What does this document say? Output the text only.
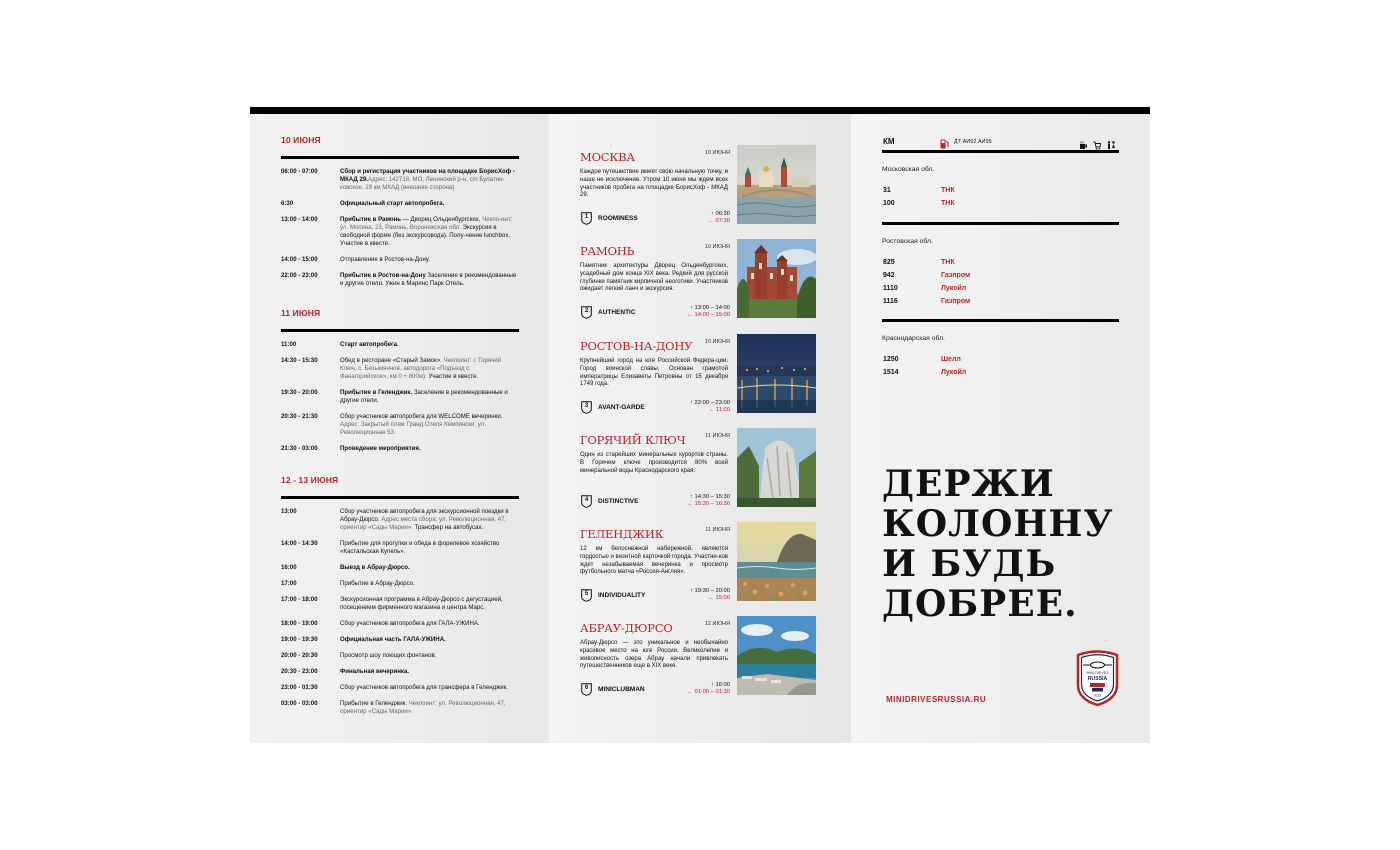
10 ИЮНЯ
06:00 - 07:00	Сбор и регистрация участников на площадке БорисХоф - МКАД 29.Адрес: 142718, МО, Ленинский р-н, с/п Булатни-ковское, 29 км МКАД (внешняя сторона)
6:30	Официальный старт автопробега.
13:00 - 14:00	Прибытие в Рамонь — Дворец Ольденбургских. Чекпо-инт: ул. Мосина, 23, Рамонь, Воронежская обл. Экскурсия в свободной форме (без экскурсовода). Полу-чение lunchbox. Участие в квесте.
14:00 - 15:00	Отправление в Ростов-на-Дону.
22:00 - 23:00	Прибытие в Ростов-на-Дону Заселение в рекомендованные и другие отели. Ужин в Маринс Парк Отель.
11 ИЮНЯ
11:00	Старт автопробега.
14:30 - 15:30	Обед в ресторане «Старый Замок». Чекпоинт: г. Горячий Ключ, с. Безымянное, автодорога «Подъезд с. Фанагорийское», км 0 + 800м). Участие в квесте.
19:30 - 20:00	Прибытие в Геленджик. Заселение в рекомендованные и другие отели.
20:30 - 21:30	Сбор участников автопробега для WELCOME вечеринки. Адрес: Закрытый пляж Гранд Отеля Кемпински, ул. Революционная 53.
21:30 - 03:00	Проведение мероприятия.
12 - 13 ИЮНЯ
13:00	Сбор участников автопробега для экскурсионной поездки в Абрау-Дюрсо. Адрес места сбора: ул. Революционная, 47, ориентир «Сады Марии». Трансфер на автобусах.
14:00 - 14:30	Прибытие для прогулки и обеда в форелевое хозяйство «Кастальская Купель».
16:00	Выезд в Абрау-Дюрсо.
17:00	Прибытие в Абрау-Дюрсо.
17:00 - 18:00	Экскурсионная программа в Абрау-Дюрсо с дегустацией, посещением фирменного магазина и центра Марс.
18:00 - 19:00	Сбор участников автопробега для ГАЛА-УЖИНА.
19:00 - 19:30	Официальная часть ГАЛА-УЖИНА.
20:00 - 20:30	Просмотр шоу поющих фонтанов.
20:30 - 23:00	Финальная вечеринка.
23:00 - 01:30	Сбор участников автопробега для трансфера в Геленджик.
03:00 - 03:00	Прибытие в Геленджик. Чекпоинт: ул. Революционная, 47, ориентир «Сады Марии».
МОСКВА	10 ИЮНЯ
Каждое путешествие имеет свою начальную точку, и наше не исключение. Утром 10 июня мы ждем всех участников пробега на площадке БорисХоф - МКАД 29.
1	ROOMINESS
↑ 06:30
← 07:30
РАМОНЬ	10 ИЮНЯ
Памятник архитектуры Дворец Ольденбургских, усадебный дом конца XIX века. Редкий для русской глубинки памятник кирпичной неоготики. Участников ожидает легкий ланч и экскурсия.
2	AUTHENTIC
↑ 13:00 – 14:00
← 14:00 – 15:00
РОСТОВ-НА-ДОНУ 10 ИЮНЯ
Крупнейший город на юге Российской Федера-ции. Город воинской славы. Основан грамотой императрицы Елизаветы Петровны от 15 декабря 1749 года.
3	AVANT-GARDE
↑ 22:00 – 23:00
← 11:00
ГОРЯЧИЙ КЛЮЧ	11 ИЮНЯ
Один из старейших минеральных курортов страны. В Горячем ключе производится 80% всей минеральной воды Краснодарского края.
4	DISTINCTIVE
↑ 14:30 – 15:30
← 15:30 – 16:30
ГЕЛЕНДЖИК	11 ИЮНЯ
12 км белоснежной набережной, являются гордостью и визитной карточкой города. Участни-ков ждет незабываемая вечеринка и просмотр футбольного матча «Россия-Англия».
5	INDIVIDUALITY
↑ 19:30 – 20:00
← 15:00
АБРАУ-ДЮРСО	12 ИЮНЯ
Абрау-Дюрсо — это уникальное и необычайно красивое место на юге России. Великолепие и живописность озера Абрау начали привлекать путешественников еще в XIX веке.
6	MINICLUBMAN
↑ 16:00
← 01:00 – 01:30
КМ	ДТ АИ92 АИ95
Московская обл.
31	ТНК
100	ТНК
Ростовская обл.
825	ТНК
942	Газпром
1110	Лукойл
1116	Газпром
Краснодарская обл.
1250	Шелл
1514	Лукойл
ДЕРЖИ
КОЛОННУ
И БУДЬ
ДОБРЕЕ.
MINIDRIVESRUSSIA.RU
MINI DRIVES
RUSSIA
2018
